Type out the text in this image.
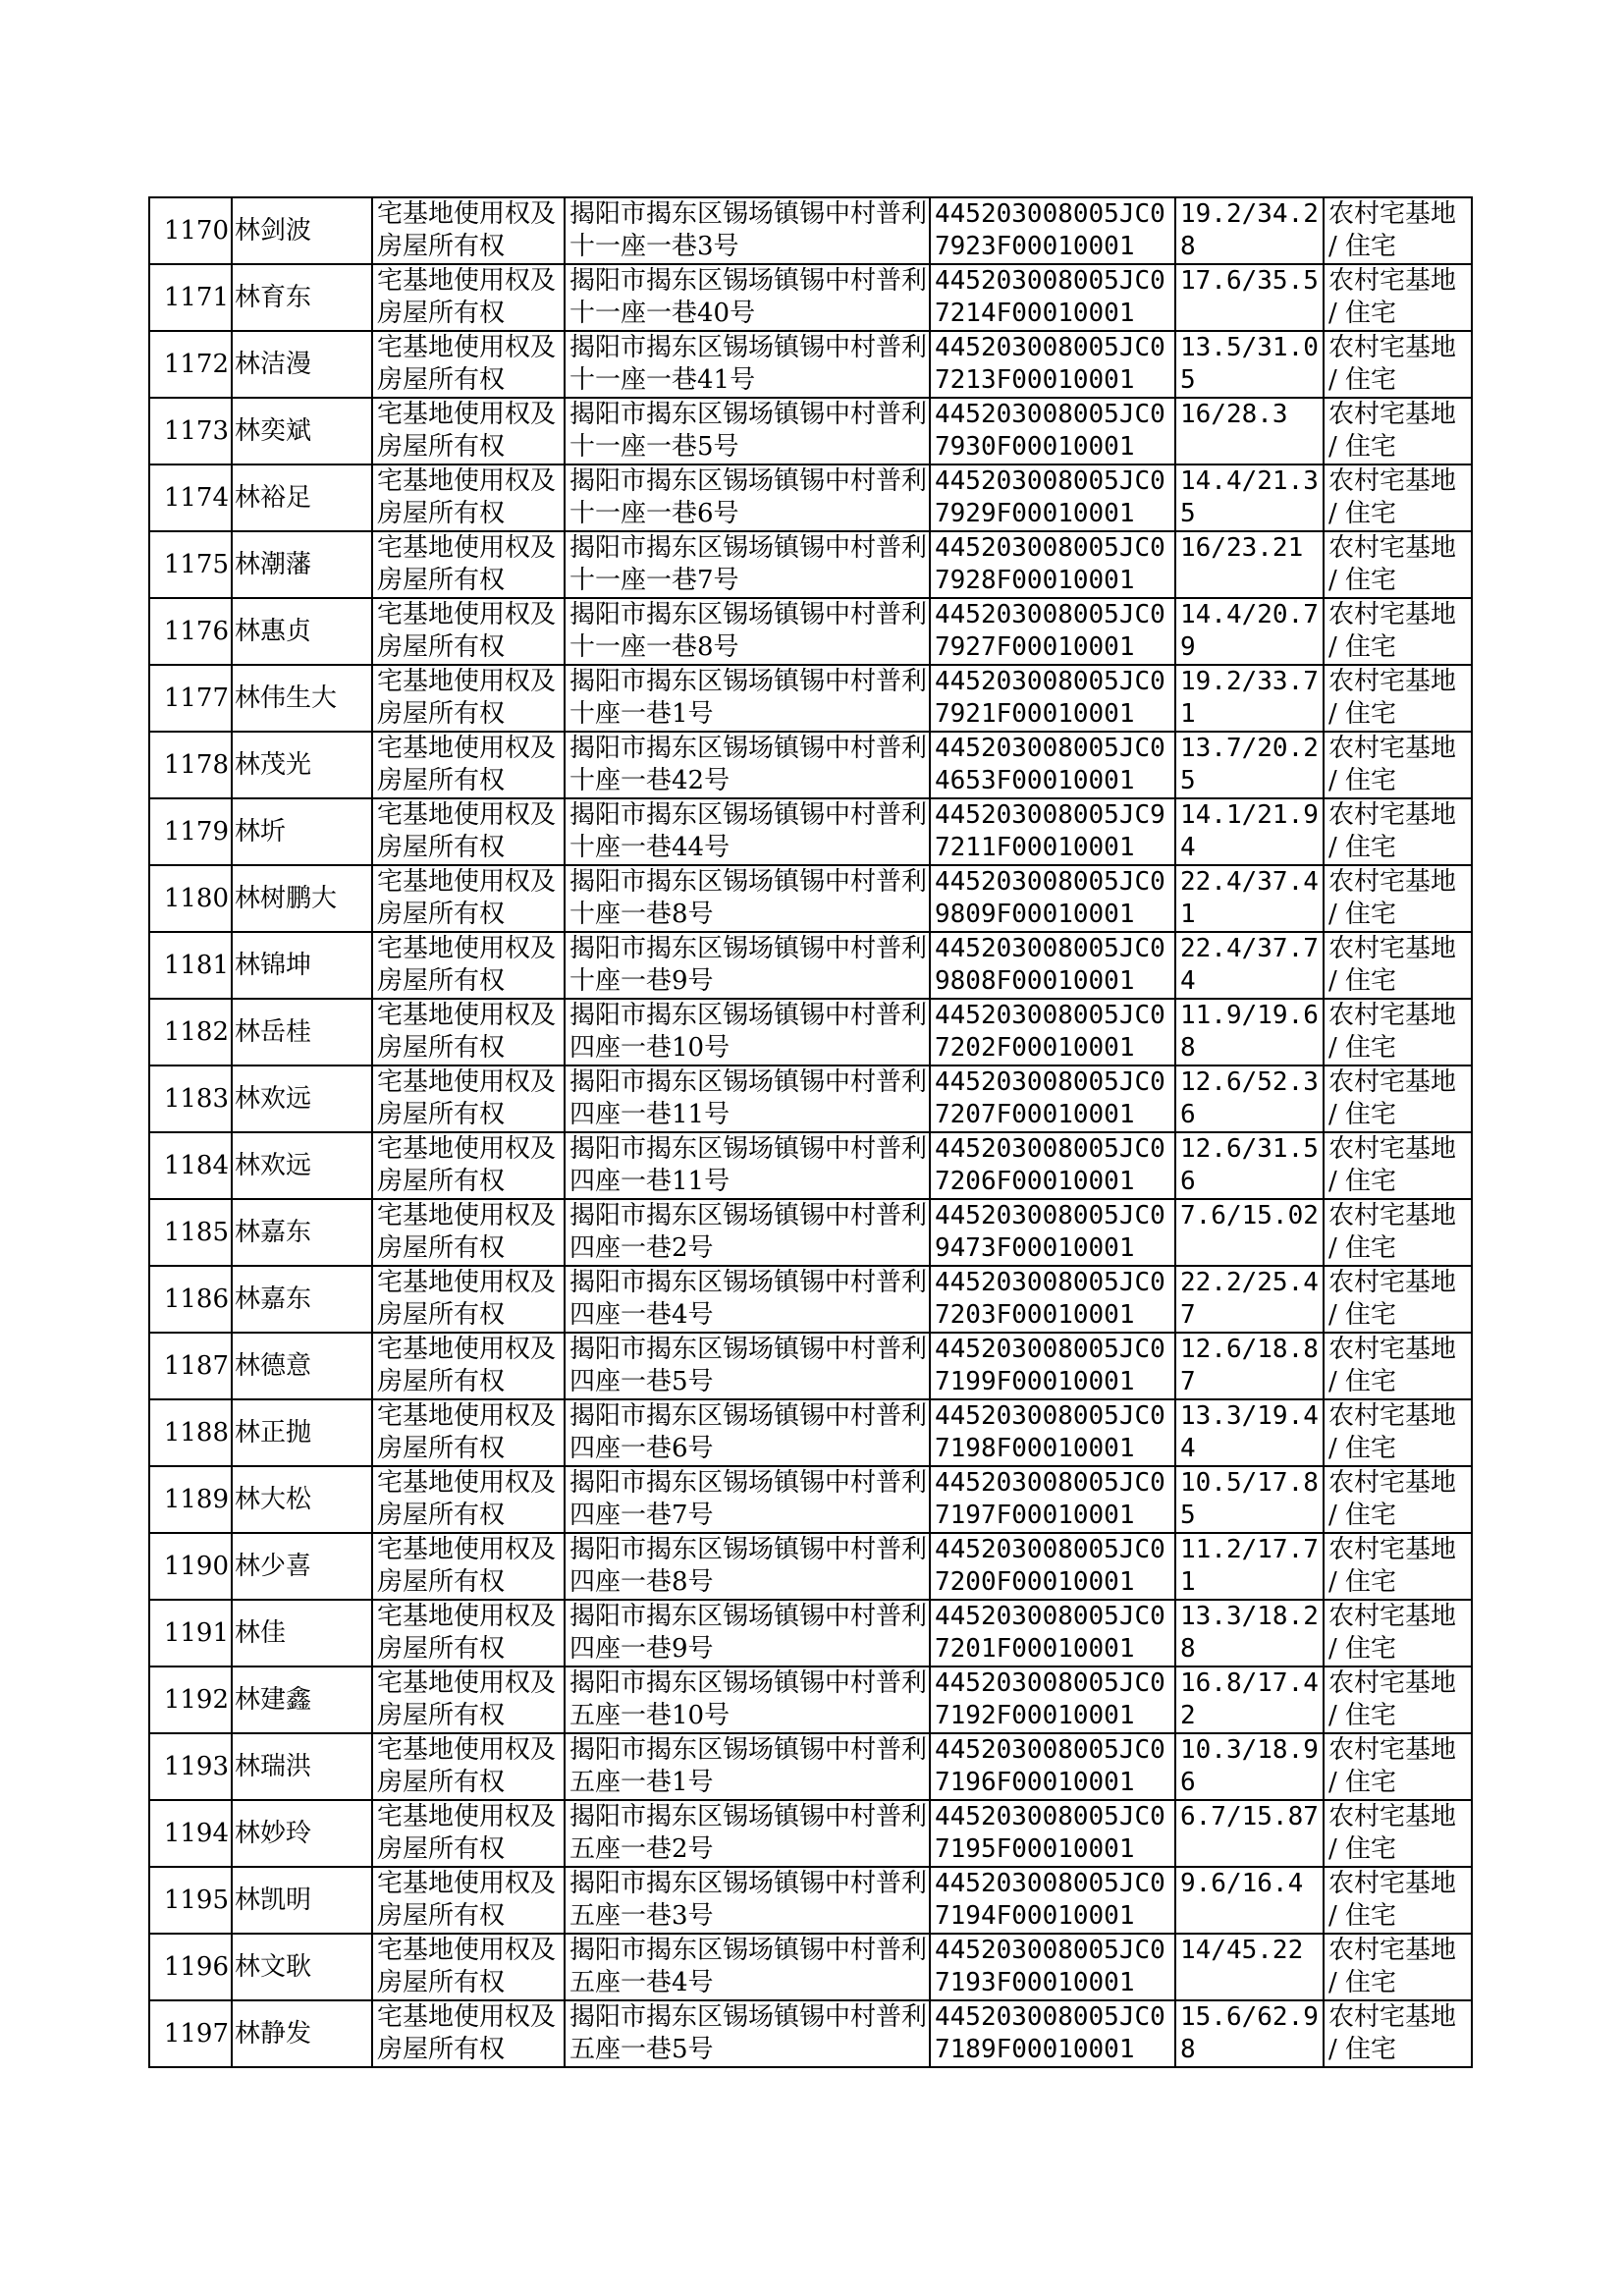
1170	林剑波	宅基地使用权及房屋所有权	揭阳市揭东区锡场镇锡中村普利十一座一巷3号	445203008005JC07923F00010001	19.2/34.28	农村宅基地 / 住宅
1171	林育东	宅基地使用权及房屋所有权	揭阳市揭东区锡场镇锡中村普利十一座一巷40号	445203008005JC07214F00010001	17.6/35.5	农村宅基地 / 住宅
1172	林洁漫	宅基地使用权及房屋所有权	揭阳市揭东区锡场镇锡中村普利十一座一巷41号	445203008005JC07213F00010001	13.5/31.05	农村宅基地 / 住宅
1173	林奕斌	宅基地使用权及房屋所有权	揭阳市揭东区锡场镇锡中村普利十一座一巷5号	445203008005JC07930F00010001	16/28.3	农村宅基地 / 住宅
1174	林裕足	宅基地使用权及房屋所有权	揭阳市揭东区锡场镇锡中村普利十一座一巷6号	445203008005JC07929F00010001	14.4/21.35	农村宅基地 / 住宅
1175	林潮藩	宅基地使用权及房屋所有权	揭阳市揭东区锡场镇锡中村普利十一座一巷7号	445203008005JC07928F00010001	16/23.21	农村宅基地 / 住宅
1176	林惠贞	宅基地使用权及房屋所有权	揭阳市揭东区锡场镇锡中村普利十一座一巷8号	445203008005JC07927F00010001	14.4/20.79	农村宅基地 / 住宅
1177	林伟生大	宅基地使用权及房屋所有权	揭阳市揭东区锡场镇锡中村普利十座一巷1号	445203008005JC07921F00010001	19.2/33.71	农村宅基地 / 住宅
1178	林茂光	宅基地使用权及房屋所有权	揭阳市揭东区锡场镇锡中村普利十座一巷42号	445203008005JC04653F00010001	13.7/20.25	农村宅基地 / 住宅
1179	林圻	宅基地使用权及房屋所有权	揭阳市揭东区锡场镇锡中村普利十座一巷44号	445203008005JC97211F00010001	14.1/21.94	农村宅基地 / 住宅
1180	林树鹏大	宅基地使用权及房屋所有权	揭阳市揭东区锡场镇锡中村普利十座一巷8号	445203008005JC09809F00010001	22.4/37.41	农村宅基地 / 住宅
1181	林锦坤	宅基地使用权及房屋所有权	揭阳市揭东区锡场镇锡中村普利十座一巷9号	445203008005JC09808F00010001	22.4/37.74	农村宅基地 / 住宅
1182	林岳桂	宅基地使用权及房屋所有权	揭阳市揭东区锡场镇锡中村普利四座一巷10号	445203008005JC07202F00010001	11.9/19.68	农村宅基地 / 住宅
1183	林欢远	宅基地使用权及房屋所有权	揭阳市揭东区锡场镇锡中村普利四座一巷11号	445203008005JC07207F00010001	12.6/52.36	农村宅基地 / 住宅
1184	林欢远	宅基地使用权及房屋所有权	揭阳市揭东区锡场镇锡中村普利四座一巷11号	445203008005JC07206F00010001	12.6/31.56	农村宅基地 / 住宅
1185	林嘉东	宅基地使用权及房屋所有权	揭阳市揭东区锡场镇锡中村普利四座一巷2号	445203008005JC09473F00010001	7.6/15.02	农村宅基地 / 住宅
1186	林嘉东	宅基地使用权及房屋所有权	揭阳市揭东区锡场镇锡中村普利四座一巷4号	445203008005JC07203F00010001	22.2/25.47	农村宅基地 / 住宅
1187	林德意	宅基地使用权及房屋所有权	揭阳市揭东区锡场镇锡中村普利四座一巷5号	445203008005JC07199F00010001	12.6/18.87	农村宅基地 / 住宅
1188	林正抛	宅基地使用权及房屋所有权	揭阳市揭东区锡场镇锡中村普利四座一巷6号	445203008005JC07198F00010001	13.3/19.44	农村宅基地 / 住宅
1189	林大松	宅基地使用权及房屋所有权	揭阳市揭东区锡场镇锡中村普利四座一巷7号	445203008005JC07197F00010001	10.5/17.85	农村宅基地 / 住宅
1190	林少喜	宅基地使用权及房屋所有权	揭阳市揭东区锡场镇锡中村普利四座一巷8号	445203008005JC07200F00010001	11.2/17.71	农村宅基地 / 住宅
1191	林佳	宅基地使用权及房屋所有权	揭阳市揭东区锡场镇锡中村普利四座一巷9号	445203008005JC07201F00010001	13.3/18.28	农村宅基地 / 住宅
1192	林建鑫	宅基地使用权及房屋所有权	揭阳市揭东区锡场镇锡中村普利五座一巷10号	445203008005JC07192F00010001	16.8/17.42	农村宅基地 / 住宅
1193	林瑞洪	宅基地使用权及房屋所有权	揭阳市揭东区锡场镇锡中村普利五座一巷1号	445203008005JC07196F00010001	10.3/18.96	农村宅基地 / 住宅
1194	林妙玲	宅基地使用权及房屋所有权	揭阳市揭东区锡场镇锡中村普利五座一巷2号	445203008005JC07195F00010001	6.7/15.87	农村宅基地 / 住宅
1195	林凯明	宅基地使用权及房屋所有权	揭阳市揭东区锡场镇锡中村普利五座一巷3号	445203008005JC07194F00010001	9.6/16.4	农村宅基地 / 住宅
1196	林文耿	宅基地使用权及房屋所有权	揭阳市揭东区锡场镇锡中村普利五座一巷4号	445203008005JC07193F00010001	14/45.22	农村宅基地 / 住宅
1197	林静发	宅基地使用权及房屋所有权	揭阳市揭东区锡场镇锡中村普利五座一巷5号	445203008005JC07189F00010001	15.6/62.98	农村宅基地 / 住宅
